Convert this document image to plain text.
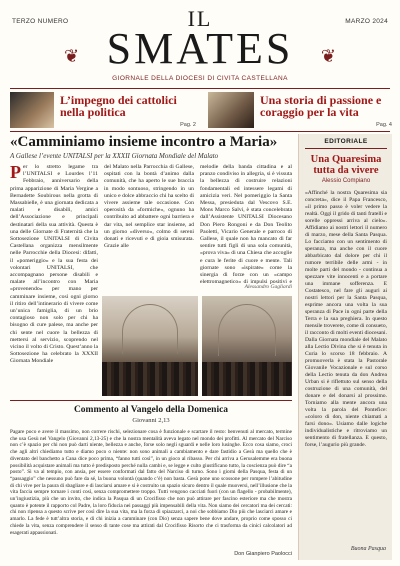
TERZO NUMERO	IL	MARZO 2024
❦ SMATES	❦
GIORNALE DELLA DIOCESI DI CIVITA CASTELLANA
L’impegno dei cattolici nella politica
Pag. 2
Una storia di passione e coraggio per la vita
Pag. 4
«Camminiamo insieme incontro a Maria»
A Gallese l’evente UNITALSI per la XXXII Giornata Mondiale del Malato
Per lo stretto legame tra l’UNITALSI e Lourdes l’11 Febbraio, anniversario della prima apparizione di Maria Vergine a Bernadette Soubirous nella grotta di Massabielle, è una giornata dedicata a malati e disabili, amici dell’Associazione e principali destinatari della sua attività. Questa è una delle Giornate di Fraternità che la Sottosezione UNITALSI di Civita Castellana organizza mensilmente nelle Parrocchie della Diocesi: difatti, il «pomeriggio» e la sua festa dei volontari UNITALSI, che accompagnano persone disabili e malate all’incontro con Maria «provenendo» per mano per camminare insieme, così ogni giorno il ritiro dell’intinerario di vivere come un’unica famiglia, di un brio contagioso non solo per chi ha bisogno di cure palese, ma anche per chi sente nel cuore la bellezza di mettersi al servizio, scoprendo nel vicino il volto di Cristo. Quest’anno la Sottosezione ha celebrato la XXXII Giornata Mondiale
del Malato nella Parrocchia di Gallese, ospitati con la bontà d’animo dalla comunità, che ha aperto le sue braccia in modo sontuoso, stringendo in un unico e dolce abbraccio chi ha scelto di vivere assieme tale occasione. Con operosità da «formiche», ognuno ha contribuito ad abbattere ogni barriera e dar vita, nel semplice star insieme, ad un giorno «diverso», colmo di sereni donati e ricevuti e di gioia smisurata. Grazie alle
melodie della banda cittadina e al pranzo condiviso in allegria, si è vissuta la bellezza di costruire relazioni fondamentali ed intessere legami di amicizia veri. Nel pomeriggio la Santa Messa, presieduta dal Vescovo S.E. Mons Marco Salvi, è stata concelebrata dall’Assistente UNITALSI Diocesano Don Piero Rongoni e da Don Teolito Paoletti, Vicario Generale e parroco di Gallese, il quale non ha mancato di far sentire tutti figli di una sola comunità, «prova viva» di una Chiesa che accoglie e cura le ferite di cuore e mente. Tali giornate sono «ispirate» come la sinergia di forze con un «campo elettromagnetico» di impulsi positivi e
Alessandro Gagliardi
Commento al Vangelo della Domenica
Giovanni 2,13
Pagare poco e avere il massimo, non correre rischi, selezionare cosa è funzionale e scartare il resto: benvenuti al mercato, termine che usa Gesù nel Vangelo (Giovanni 2,13-25) e che la nostra mentalità aveva legato nel mondo dei profitti. Al mercato del Narciso non c’è spazio per chi non può darti niente, bellezza e anche, forse solo negli sguardi e nelle loro lusinghe. Ecco cosa siamo, croci che agli altri chiediamo tutto e diamo poco o niente: non sono animali a cambiamento e dare fastidio a Gesù ma quello che è diventato del banchetto a Cana dice poco prima, “fanno tutti così”, in un gioco al ribasso. Per chi arriva a Gerusalemme era buona possibilità acquistare animali ma tutto è predisposto perché nulla cambi e, se legge e culto giustificano tutto, la coscienza può dire “a posto”. Si va al tempio, con ansia, per essere conformati dal fatto del Narciso di turno. Sono i giorni della Pasqua, festa di un “passaggio” che nessuno può fare da sé, la buona volontà (quando c’è) non basta. Gesù pone uno scossone per rompere l’abitudine di chi vive per la paura di sbagliare e di lasciarsi amare e si è costruito un spazio sicuro dentro il quale muoversi, nell’illusione che la vita faccia sempre tornare i conti così, senza compromettere troppo. Tutti vengono cacciati fuori (con un flagello - probabilmente), un’ingiustizia, più che un invito, che indica la Pasqua di un Crocifisso che non può attirare per fascino esteriore ma che mostra quanto è potente il rapporto col Padre, la loro fiducia nei passaggi più impensabili della vita. Non siamo dei cercatori ma dei cercati: chi non ripensa a questo scrive per così dire la sua vita, ma la forza di spiazzarci, a noi che sobbiamo Dio più che lasciarci amare e amarlo. La fede è tutt’altra storia, e di chi inizia a camminare (con Dio) senza sapere bene dove andare, proprio come sposso ci chiede la vita, senza comprendere il senso di tante cose ma attirati dal Crocifisso Risorto che ci trasforma da cinici calcolatori ad esagerati appassionati.
Don Gianpiero Paolocci
EDITORIALE
Una Quaresima tutta da vivere
Alessio Compiano
«Affinché la nostra Quaresima sia concreta», dice il Papa Francesco, «il primo passo è voler vedere la realtà. Oggi il grido di tanti fratelli e sorelle oppressi arriva al cielo». Affidiamo ai nostri lettori il numero di marzo, mese della Santa Pasqua. Lo facciamo con un sentimento di speranza, ma anche con il cuore abbarbicato dal dolore per chi il rumore terribile delle armi - in molte parti del mondo - continua a spezzare vite innocenti e a portare una immane sofferenza. E Costatesco, nel fare gli auguri ai nostri lettori per la Santa Pasqua, esprime ancora una volta la sua speranza di Pace in ogni parte della Terra e la sua preghiera. In questo mensile troverete, come di consueto, il racconto di molti eventi diocesani. Dalla Giornata mondiale del Malato alla Lectio Divina che si è tenuta in Curia lo scorso 18 febbraio. A promuoverla è stata la Pastorale Giovanile Vocazionale e sul corso della Lectio tenuta da don Andrea Urban si è riflettuto sul senso della costruzione di una comunità, del donare e del donarsi al prossimo. Torniamo alla mente ancora una volta la parola del Pontefice: «coloro di don, niente chiamati a farsi dono». Usiamo dalle logiche individualistiche e ritroviamo un sentimento di fratellanza. E questo, forse, l’augurio più grande.
Buona Pasqua
